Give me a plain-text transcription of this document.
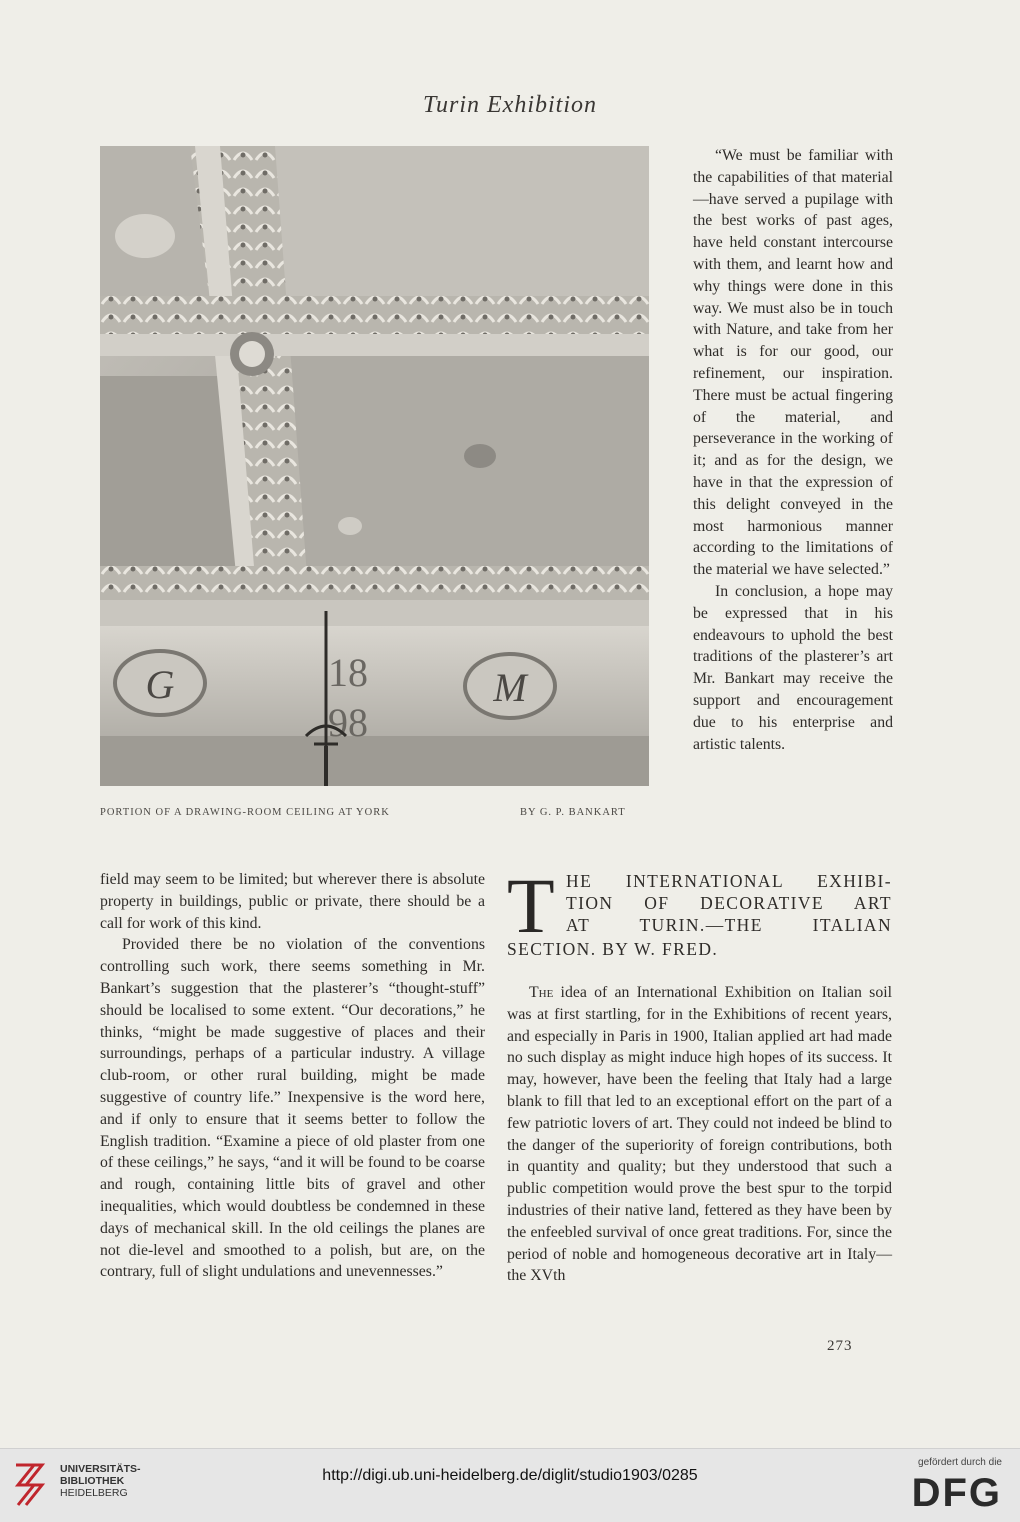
Turin Exhibition
G	M
18
98
PORTION OF A DRAWING-ROOM CEILING AT YORK	BY G. P. BANKART

“We must be familiar with the capabilities of that material—have served a pupilage with the best works of past ages, have held constant intercourse with them, and learnt how and why things were done in this way. We must also be in touch with Nature, and take from her what is for our good, our refinement, our inspiration. There must be actual fingering of the material, and perseverance in the working of it; and as for the design, we have in that the expression of this delight conveyed in the most harmonious manner according to the limitations of the material we have selected.”

In conclusion, a hope may be expressed that in his endeavours to uphold the best traditions of the plasterer’s art Mr. Bankart may receive the support and encouragement due to his enterprise and artistic talents.

field may seem to be limited; but wherever there is absolute property in buildings, public or private, there should be a call for work of this kind.

Provided there be no violation of the conventions controlling such work, there seems something in Mr. Bankart’s suggestion that the plasterer’s “thought-stuff” should be localised to some extent. “Our decorations,” he thinks, “might be made suggestive of places and their surroundings, perhaps of a particular industry. A village club-room, or other rural building, might be made suggestive of country life.” Inexpensive is the word here, and if only to ensure that it seems better to follow the English tradition. “Examine a piece of old plaster from one of these ceilings,” he says, “and it will be found to be coarse and rough, containing little bits of gravel and other inequalities, which would doubtless be condemned in these days of mechanical skill. In the old ceilings the planes are not die-level and smoothed to a polish, but are, on the contrary, full of slight undulations and unevennesses.”

T HE INTERNATIONAL EXHIBI-
TION OF DECORATIVE ART
AT TURIN.—THE ITALIAN
SECTION. BY W. FRED.

The idea of an International Exhibition on Italian soil was at first startling, for in the Exhibitions of recent years, and especially in Paris in 1900, Italian applied art had made no such display as might induce high hopes of its success. It may, however, have been the feeling that Italy had a large blank to fill that led to an exceptional effort on the part of a few patriotic lovers of art. They could not indeed be blind to the danger of the superiority of foreign contributions, both in quantity and quality; but they understood that such a public competition would prove the best spur to the torpid industries of their native land, fettered as they have been by the enfeebled survival of once great traditions. For, since the period of noble and homogeneous decorative art in Italy—the XVth

273
UNIVERSITÄTS-
BIBLIOTHEK
HEIDELBERG
http://digi.ub.uni-heidelberg.de/diglit/studio1903/0285
gefördert durch die
DFG
